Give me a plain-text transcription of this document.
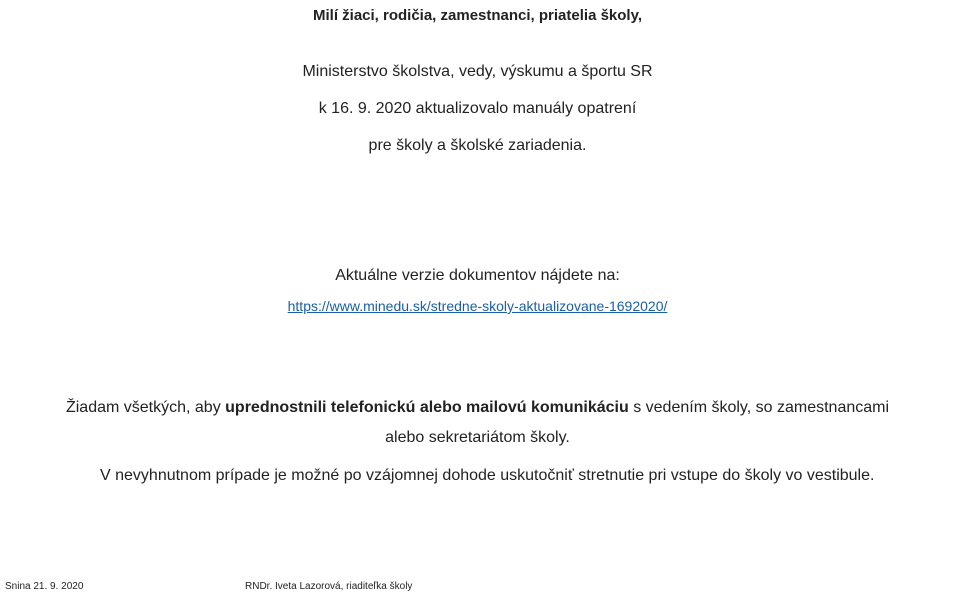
Milí žiaci, rodičia, zamestnanci, priatelia školy,
Ministerstvo školstva, vedy, výskumu a športu SR
k 16. 9. 2020 aktualizovalo manuály opatrení
pre školy a školské zariadenia.
Aktuálne verzie dokumentov nájdete na:
https://www.minedu.sk/stredne-skoly-aktualizovane-1692020/
Žiadam všetkých, aby uprednostnili telefonickú alebo mailovú komunikáciu s vedením školy, so zamestnancami
alebo sekretariátom školy.
V nevyhnutnom prípade je možné po vzájomnej dohode uskutočniť stretnutie pri vstupe do školy vo vestibule.
Snina 21. 9. 2020	RNDr. Iveta Lazorová, riaditeľka školy
